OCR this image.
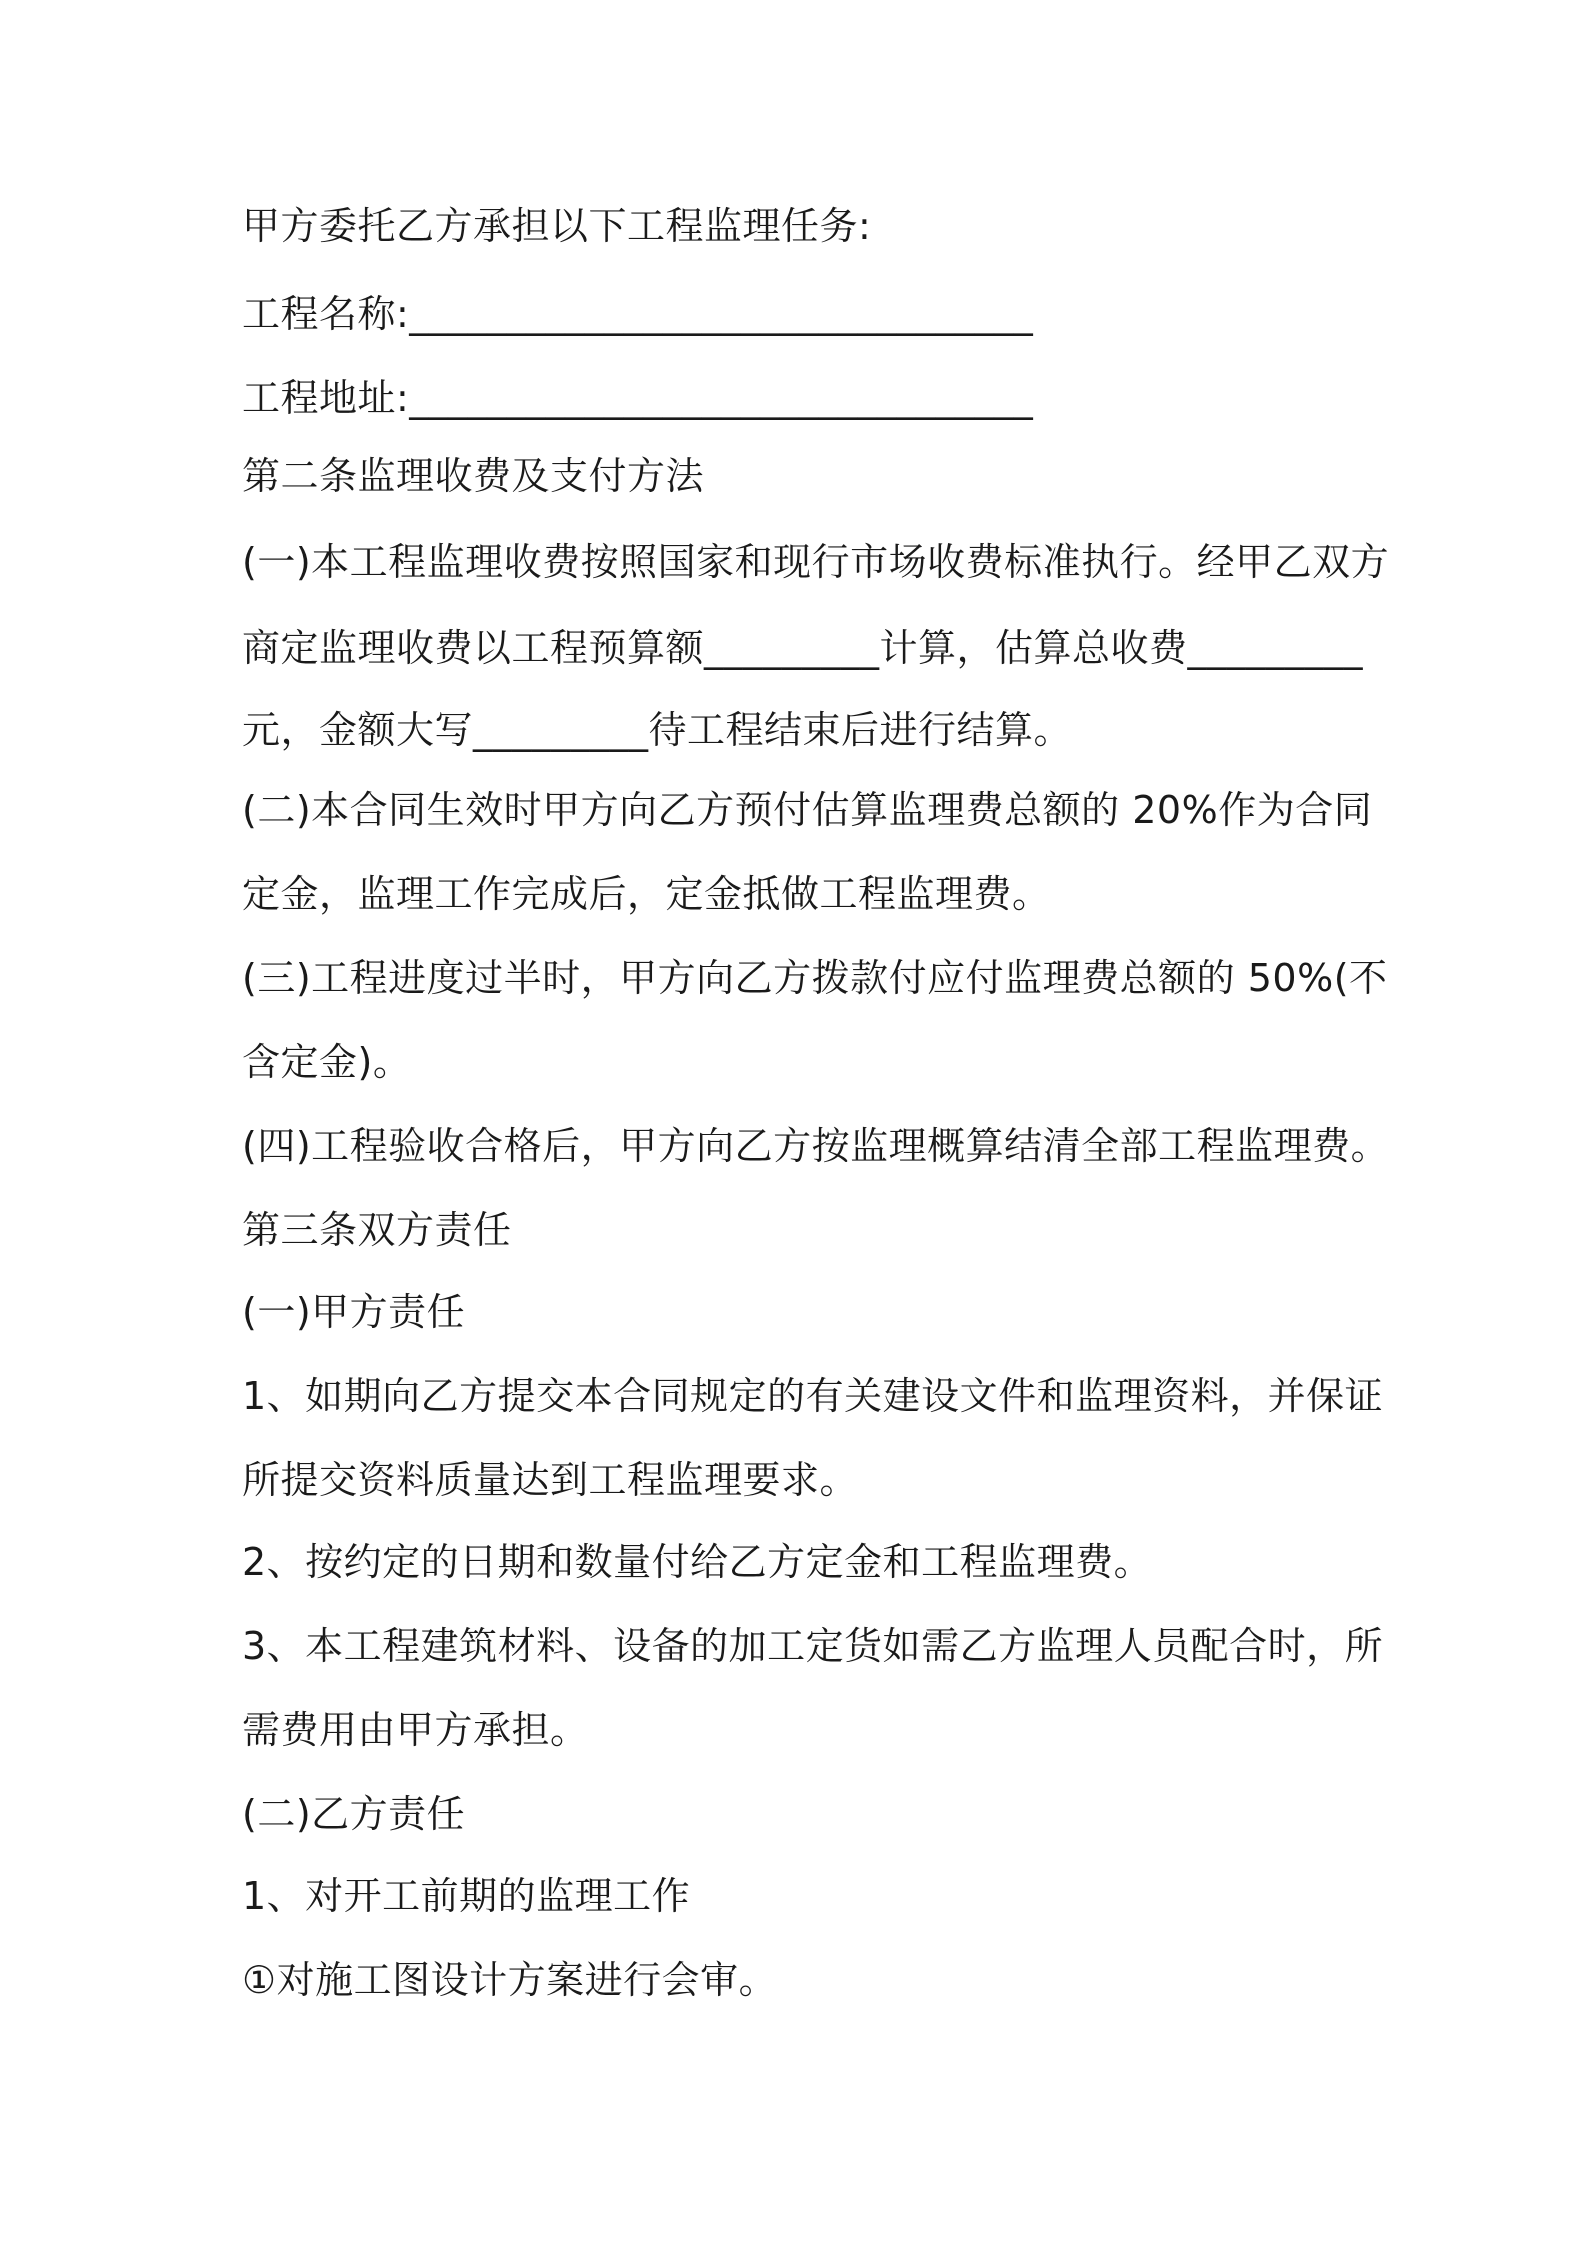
甲方委托乙方承担以下工程监理任务:
工程名称:________________________________
工程地址:________________________________
第二条监理收费及支付方法
(一)本工程监理收费按照国家和现行市场收费标准执行。经甲乙双方
商定监理收费以工程预算额_________计算，估算总收费_________
元，金额大写_________待工程结束后进行结算。
(二)本合同生效时甲方向乙方预付估算监理费总额的 20%作为合同
定金，监理工作完成后，定金抵做工程监理费。
(三)工程进度过半时，甲方向乙方拨款付应付监理费总额的 50%(不
含定金)。
(四)工程验收合格后，甲方向乙方按监理概算结清全部工程监理费。
第三条双方责任
(一)甲方责任
1、如期向乙方提交本合同规定的有关建设文件和监理资料，并保证
所提交资料质量达到工程监理要求。
2、按约定的日期和数量付给乙方定金和工程监理费。
3、本工程建筑材料、设备的加工定货如需乙方监理人员配合时，所
需费用由甲方承担。
(二)乙方责任
1、对开工前期的监理工作
①对施工图设计方案进行会审。
